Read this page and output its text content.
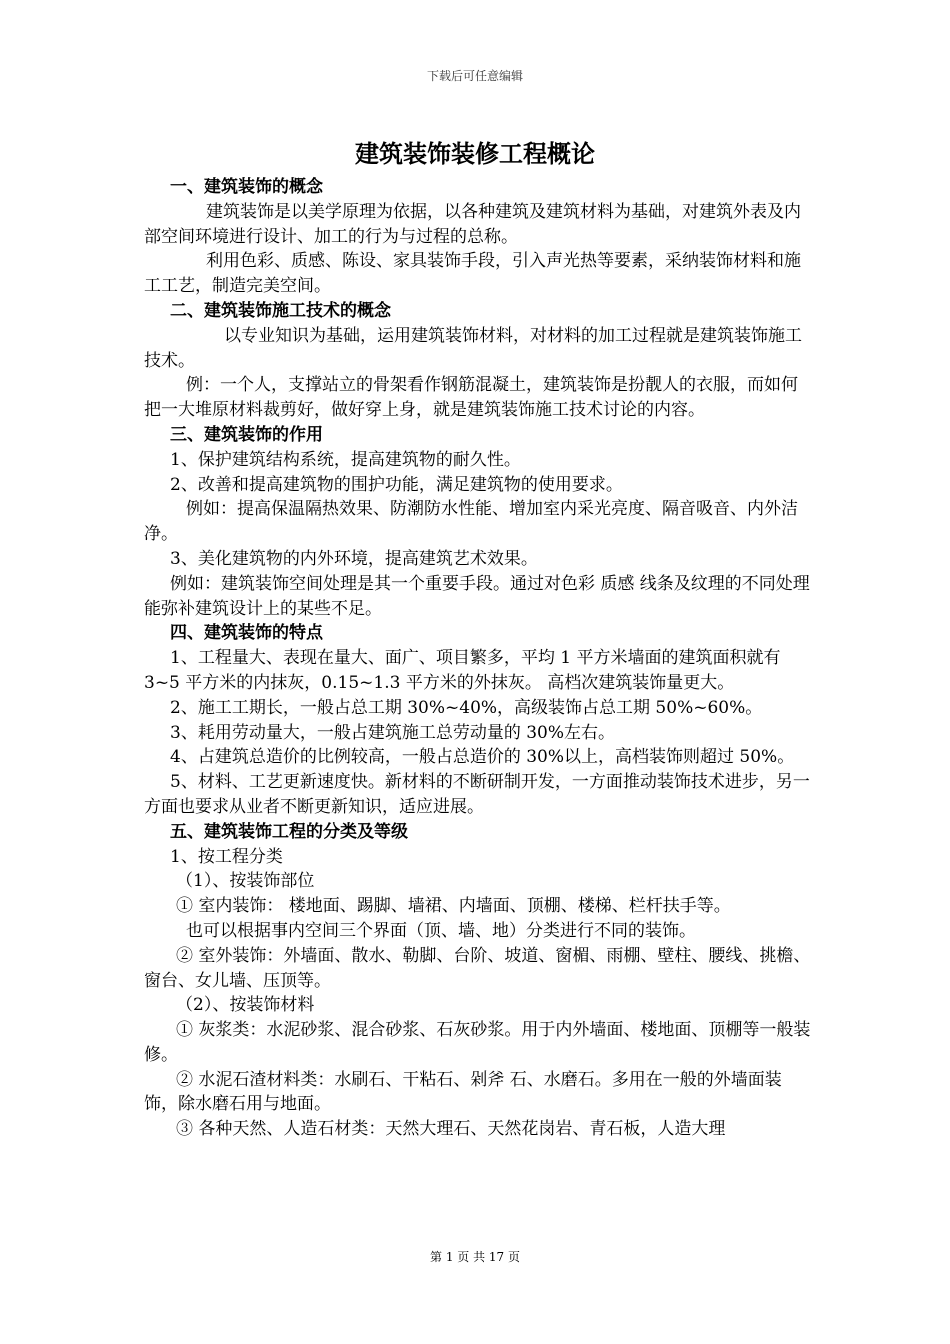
下载后可任意编辑
建筑装饰装修工程概论
一、建筑装饰的概念

建筑装饰是以美学原理为依据，以各种建筑及建筑材料为基础，对建筑外表及内部空间环境进行设计、加工的行为与过程的总称。

利用色彩、质感、陈设、家具装饰手段，引入声光热等要素，采纳装饰材料和施工工艺，制造完美空间。

二、建筑装饰施工技术的概念

以专业知识为基础，运用建筑装饰材料，对材料的加工过程就是建筑装饰施工技术。

例：一个人，支撑站立的骨架看作钢筋混凝土，建筑装饰是扮靓人的衣服，而如何把一大堆原材料裁剪好，做好穿上身，就是建筑装饰施工技术讨论的内容。

三、建筑装饰的作用

1、保护建筑结构系统，提高建筑物的耐久性。

2、改善和提高建筑物的围护功能，满足建筑物的使用要求。

例如：提高保温隔热效果、防潮防水性能、增加室内采光亮度、隔音吸音、内外洁净。

3、美化建筑物的内外环境，提高建筑艺术效果。

例如：建筑装饰空间处理是其一个重要手段。通过对色彩 质感 线条及纹理的不同处理能弥补建筑设计上的某些不足。

四、建筑装饰的特点

1、工程量大、表现在量大、面广、项目繁多，平均 1 平方米墙面的建筑面积就有 3~5 平方米的内抹灰，0.15~1.3 平方米的外抹灰。 高档次建筑装饰量更大。

2、施工工期长，一般占总工期 30%~40%，高级装饰占总工期 50%~60%。

3、耗用劳动量大，一般占建筑施工总劳动量的 30%左右。

4、占建筑总造价的比例较高，一般占总造价的 30%以上，高档装饰则超过 50%。

5、材料、工艺更新速度快。新材料的不断研制开发，一方面推动装饰技术进步，另一方面也要求从业者不断更新知识，适应进展。

五、建筑装饰工程的分类及等级

1、按工程分类

（1）、按装饰部位

① 室内装饰： 楼地面、踢脚、墙裙、内墙面、顶棚、楼梯、栏杆扶手等。

也可以根据事内空间三个界面（顶、墙、地）分类进行不同的装饰。

② 室外装饰：外墙面、散水、勒脚、台阶、坡道、窗楣、雨棚、壁柱、腰线、挑檐、窗台、女儿墙、压顶等。

（2）、按装饰材料

① 灰浆类：水泥砂浆、混合砂浆、石灰砂浆。用于内外墙面、楼地面、顶棚等一般装修。

② 水泥石渣材料类：水刷石、干粘石、剁斧 石、水磨石。多用在一般的外墙面装饰，除水磨石用与地面。

③ 各种天然、人造石材类：天然大理石、天然花岗岩、青石板，人造大理

第 1 页 共 17 页
